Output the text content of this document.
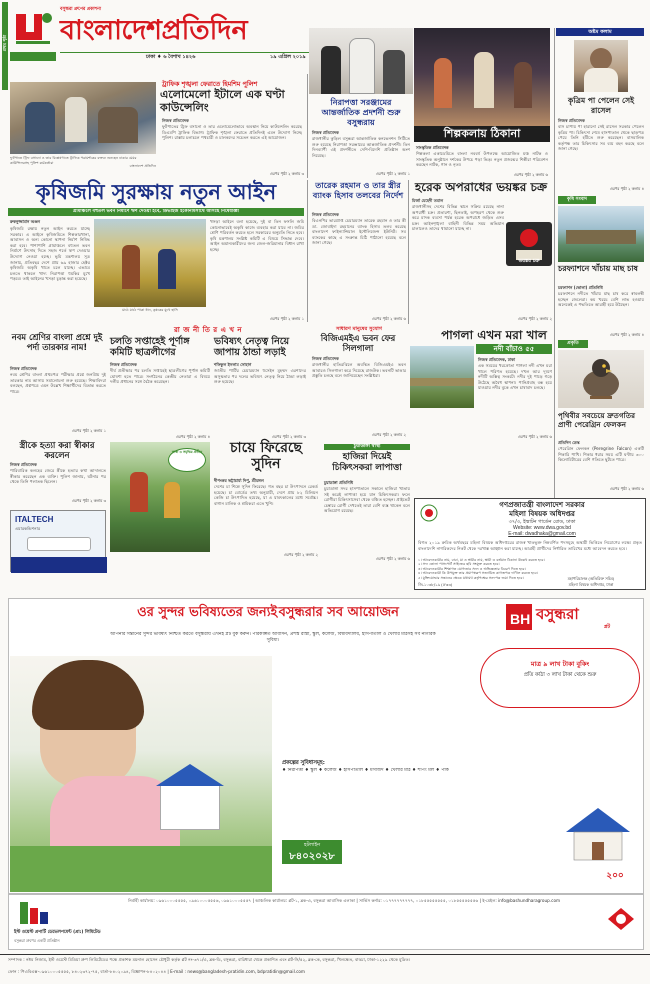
প্রথম পৃষ্ঠা
বসুন্ধরা গ্রুপের প্রকাশনা
বাংলাদেশপ্রতিদিন
ঢাকা ♦ ৬ বৈশাখ ১৪২৬	১৯ এপ্রিল ২০১৯
ফুটপাতে ট্রিফ বসানো ও তার বিশ্লেষণাতে ট্রাফিক পরামর্শকের বক্তব্য শুনছেন ঢাকার মেয়র কাউন্সিলরসহ পুলিশ কর্মকর্তারা
বাংলাদেশ প্রতিদিন
ট্রাফিক শৃঙ্খলা ফেরাতে হিমশিম পুলিশ
এলোমেলো ইটালে এক ঘণ্টা কাউন্সেলিং
নিজস্ব প্রতিবেদক
ফুটপাতের ট্রিফ বসানো ও তার এলোমেলোভাবে অবস্থান নিয়ে কাউন্সেলিং করেছে ডিএমপি ট্রাফিক বিভাগ। ট্রাফিক শৃঙ্খলা ফেরাতে প্রতিদিনই এমন উদ্যোগ নিচ্ছে পুলিশ। রাস্তায় চলাচলে পথচারী ও চালকদের সচেতন করতে এই আয়োজন।
এরপর পৃষ্ঠা ২ কলাম ৩
নিরাপত্তা সরঞ্জামের আন্তর্জাতিক প্রদর্শনী শুরু বসুন্ধরায়
নিজস্ব প্রতিবেদক
রাজধানীর কুড়িল বসুন্ধরা আন্তর্জাতিক কনভেনশন সিটিতে শুরু হয়েছে নিরাপত্তা সরঞ্জামের আন্তর্জাতিক প্রদর্শনী। তিন দিনব্যাপী এই প্রদর্শনীতে দেশি-বিদেশি প্রতিষ্ঠান অংশ নিয়েছে।
এরপর পৃষ্ঠা ২ কলাম ১
শিল্পকলায় ঠিকানা
সাংস্কৃতিক প্রতিবেদক
শিল্পকলা একাডেমিতে বাংলা নববর্ষ উপলক্ষে আয়োজিত মঞ্চ নাটক ও সাংস্কৃতিক অনুষ্ঠানে দর্শকের উপচে পড়া ভিড়। নতুন প্রজন্মের শিল্পীরা পরিবেশন করছেন নাটক, গান ও নৃত্য।
এরপর পৃষ্ঠা ২ কলাম ৬
অষ্টম কলাম
কৃত্রিম পা পেলেন সেই রাসেল
নিজস্ব প্রতিবেদক
বাস চাপায় পা হারানো সেই রাসেল সরকার পেলেন কৃত্রিম পা। চিকিৎসা শেষে হাসপাতাল থেকে ছাড়পত্র পেয়ে তিনি হাঁটতে শুরু করেছেন। বাসমালিক কর্তৃপক্ষ তার চিকিৎসার সব ব্যয় বহন করছে বলে জানা গেছে।
এরপর পৃষ্ঠা ২ কলাম ৪
কৃষি সংবাদ
চরফ্যাশনে খাঁচায় মাছ চাষ
চরফ্যাশন (ভোলা) প্রতিনিধি
চরফ্যাশনে নদীতে খাঁচায় মাছ চাষ করে স্বাবলম্বী হচ্ছেন জেলেরা। কম খরচে বেশি লাভ হওয়ায় অনেকেই এ পদ্ধতিতে আগ্রহী হয়ে উঠছেন।
এরপর পৃষ্ঠা ২ কলাম ৪
প্রকৃতি
পৃথিবীর সবচেয়ে দ্রুতগতির প্রাণী পেরেগ্রিন ফেলকন
প্রতিদিন ডেস্ক
পেরেগ্রিন ফেলকন (Peregrine Falcon) একটি শিকারি পাখি। শিকার ধরার সময় এটি ঘণ্টায় ৩০০ কিলোমিটারের বেশি গতিতে ছুটতে পারে।
এরপর পৃষ্ঠা ২ কলাম ৬
কৃষিজমি সুরক্ষায় নতুন আইন
গ্রামাঞ্চলে বহুতল ভবন নির্মাণে ঋণ দেওয়া হবে, ডিভাইজ ইকোনমিসাথে আসছে নিষেধাজ্ঞা
রুকনুজ্জামান অঞ্জন
কৃষিজমি রক্ষায় নতুন আইন করতে যাচ্ছে সরকার। এ আইনে কৃষিজমিতে শিল্পকারখানা, আবাসন ও অন্য কোনো স্থাপনা নির্মাণ নিষিদ্ধ করা হবে। পাশাপাশি গ্রামাঞ্চলে বহুতল ভবন নির্মাণে উৎসাহ দিতে সহজ শর্তে ঋণ দেওয়ার উদ্যোগ নেওয়া হচ্ছে। ভূমি মন্ত্রণালয় সূত্র জানায়, প্রতিবছর দেশে প্রায় ৬৯ হাজার হেক্টর কৃষিজমি অকৃষি খাতে চলে যাচ্ছে। এভাবে চলতে থাকলে খাদ্য নিরাপত্তা হুমকির মুখে পড়বে। তাই আইনের খসড়া চূড়ান্ত করা হয়েছে।
মাঠে মাঠে পাকা ধান, কৃষকের মুখে হাসি
খসড়া আইনে বলা হয়েছে, দুই বা তিন ফসলি জমি কোনোভাবেই অকৃষি কাজে ব্যবহার করা যাবে না। জমির শ্রেণি পরিবর্তন করতে হলে সরকারের অনুমতি নিতে হবে। কৃষি মন্ত্রণালয় সংশ্লিষ্ট কমিটি এ বিষয়ে সিদ্ধান্ত দেবে। আইন অমান্যকারীদের জন্য জেল-জরিমানার বিধান রাখা হচ্ছে।
এরপর পৃষ্ঠা ২ কলাম ১
তারেক রহমান ও তার স্ত্রীর ব্যাংক হিসাব তলবের নির্দেশ
নিজস্ব প্রতিবেদক
বিএনপির ভারপ্রাপ্ত চেয়ারম্যান তারেক রহমান ও তার স্ত্রী ডা. জোবাইদা রহমানের ব্যাংক হিসাব তলব করেছে বাংলাদেশ ফাইন্যান্সিয়াল ইন্টেলিজেন্স ইউনিট। সব ব্যাংকের কাছে এ সংক্রান্ত চিঠি পাঠানো হয়েছে বলে জানা গেছে।
এরপর পৃষ্ঠা ২ কলাম ৬
হরেক অপরাধের ভয়ঙ্কর চক্র
মির্জা মেহেদী তমাল
রাজধানীসহ দেশের বিভিন্ন স্থানে সক্রিয় রয়েছে নানা অপরাধী চক্র। প্রতারণা, ছিনতাই, অপহরণ থেকে শুরু করে মাদক ব্যবসা পর্যন্ত হরেক অপরাধে জড়িত এসব চক্র। আইনশৃঙ্খলা বাহিনী বিভিন্ন সময় অভিযান চালালেও তাদের থামানো যাচ্ছে না।
ভয়ঙ্কর চক্র
এরপর পৃষ্ঠা ২ কলাম ২
পাগলা এখন মরা খাল
নদী বাঁচাও ৫৫
নিজস্ব প্রতিবেদক, ঢাকা
এক সময়ের খরস্রোতা পাগলা নদী এখন মরা খালে পরিণত হয়েছে। দখল আর দূষণে নদীটি অস্তিত্ব সংকটে। নদীর দুই পাড়ে গড়ে উঠেছে অবৈধ স্থাপনা। পানিপ্রবাহ বন্ধ হয়ে যাওয়ায় নদীর বুকে এখন চাষাবাদ চলছে।
এরপর পৃষ্ঠা ২ কলাম ৬
সাধারণ মানুষের সুযোগ
বিজিএমইএ ভবন ফের সিলগালা
নিজস্ব প্রতিবেদক
রাজধানীর হাতিরঝিলে অবস্থিত বিজিএমইএ ভবন আবারও সিলগালা করে দিয়েছে রাজউক। ভবনটি ভাঙার প্রস্তুতি চলছে বলে জানিয়েছেন সংশ্লিষ্টরা।
এরপর পৃষ্ঠা ২ কলাম ২
রা জ নী তি র এ খ ন
চলতি সপ্তাহেই পূর্ণাঙ্গ কমিটি ছাত্রলীগের
নিজস্ব প্রতিবেদক
দীর্ঘ প্রতীক্ষার পর চলতি সপ্তাহেই ছাত্রলীগের পূর্ণাঙ্গ কমিটি ঘোষণা হতে পারে। সংগঠনের কেন্দ্রীয় নেতারা এ বিষয়ে দলীয় প্রধানের সঙ্গে বৈঠক করেছেন।
এরপর পৃষ্ঠা ২ কলাম ৪
ভবিষ্যৎ নেতৃত্ব নিয়ে জাপায় ঠান্ডা লড়াই
শফিকুল ইসলাম সোহাগ
জাতীয় পার্টির চেয়ারম্যান হুসেইন মুহম্মদ এরশাদের অসুস্থতার পর দলের ভবিষ্যৎ নেতৃত্ব নিয়ে ঠান্ডা লড়াই শুরু হয়েছে।
এরপর পৃষ্ঠা ২ কলাম ৩
নবম শ্রেণির বাংলা প্রশ্নে দুই পর্দা তারকার নাম!
নিজস্ব প্রতিবেদক
নবম শ্রেণির বাংলা প্রথমপত্র পরীক্ষার প্রশ্নে জনপ্রিয় দুই তারকার নাম আসায় সমালোচনা শুরু হয়েছে। শিক্ষাবিদরা বলছেন, প্রশ্নপত্রে এমন উল্লেখ শিক্ষার্থীদের বিভ্রান্ত করতে পারে।
এরপর পৃষ্ঠা ২ কলাম ১
স্ত্রীকে হত্যা করা স্বীকার করলেন
নিজস্ব প্রতিবেদক
পারিবারিক কলহের জেরে স্ত্রীকে হত্যার কথা আদালতে স্বীকার করেছেন এক ব্যক্তি। পুলিশ জানায়, ঘটনার পর থেকে তিনি পলাতক ছিলেন।
এরপর পৃষ্ঠা ২ কলাম ৩
ITALTECH
এয়ারকন্ডিশনার
স্বাস্থ্য ও সমৃদ্ধির প্রতীক	চায়ে ফিরেছে সুদিন
দীপংকর ভট্টাচার্য্য দিপু, শ্রীমঙ্গল
দেশের চা শিল্পে সুদিন ফিরেছে। গত বছর চা উৎপাদনে রেকর্ড হয়েছে। চা বোর্ডের তথ্য অনুযায়ী, দেশে প্রায় ৮২ মিলিয়ন কেজি চা উৎপাদিত হয়েছে, যা এ যাবৎকালের মধ্যে সর্বোচ্চ। বাগান মালিক ও শ্রমিকরা এতে খুশি।
এরপর পৃষ্ঠা ২ কলাম ২
চুয়াডাঙ্গা স্বাস্থ্য
হাজিরা দিয়েই চিকিৎসকরা লাপাত্তা
চুয়াডাঙ্গা প্রতিনিধি
চুয়াডাঙ্গা সদর হাসপাতালে সকালে হাজিরা খাতায় সই করেই লাপাত্তা হয়ে যান চিকিৎসকরা। ফলে রোগীরা চিকিৎসাসেবা থেকে বঞ্চিত হচ্ছেন। প্রাইভেট চেম্বারে রোগী দেখতেই তারা বেশি ব্যস্ত থাকেন বলে অভিযোগ রয়েছে।
এরপর পৃষ্ঠা ২ কলাম ৬
গণপ্রজাতন্ত্রী বাংলাদেশ সরকার
মহিলা বিষয়ক অধিদপ্তর
৩৭/৩, ইস্কাটন গার্ডেন রোড, ঢাকা
Website: www.dwa.gov.bd
E-mail: dwadhaka@gmail.com
বিগত ২০১৯ ক্রমিক অর্থবছরে মহিলা বিষয়ক অধিদপ্তরের রাজস্ব খাতভুক্ত নিম্নবর্ণিত পদসমূহে অস্থায়ী ভিত্তিতে নিয়োগের লক্ষ্যে প্রকৃত বাংলাদেশি নাগরিকদের নিকট থেকে দরখাস্ত আহ্বান করা যাচ্ছে। আগ্রহী প্রার্থীদের নির্ধারিত তারিখের মধ্যে আবেদন করতে হবে।
১। আবেদনকারীর নাম, বাবা, মা ও স্বামীর নাম, স্থায়ী ও বর্তমান ঠিকানা উল্লেখ করতে হবে।
২। সদ্য তোলা পাসপোর্ট সাইজের ছবি সংযুক্ত করতে হবে।
৩। আবেদনকারীর শিক্ষাগত যোগ্যতার সনদ ও অভিজ্ঞতার বিবরণ দিতে হবে।
৪। আবেদনকারী কি উপযুক্ত তার প্রমাণস্বরূপ সত্যায়িত কাগজপত্র দাখিল করতে হবে।
৫। মুক্তিযোদ্ধার সন্তানের ক্ষেত্রে যথাযথ কর্তৃপক্ষের সনদপত্র জমা দিতে হবে।
জি-১০৩৮/১৯ (৫'x৩)
মহাপরিচালক (অতিরিক্ত সচিব)
মহিলা বিষয়ক অধিদপ্তর, ঢাকা
ওর সুন্দর ভবিষ্যতের জন্যই বসুন্ধরার সব আয়োজন	BH বসুন্ধরা
প্লট
আপনার সন্তানের সুন্দর ভবিষ্যৎ নিশ্চিত করতে বসুন্ধরায় এখনই প্লট বুক করুন। পরিকল্পিত আবাসন, প্রশস্ত রাস্তা, স্কুল, কলেজ, বিশ্ববিদ্যালয়, হাসপাতাল ও খেলার মাঠসহ সব নাগরিক সুবিধা।
মাত্র ৯ লাখ টাকা বুকিং
প্রতি কাঠা ৩ লাখ টাকা থেকে শুরু
প্রকল্পের সুবিধাসমূহ:
♦ নিরাপত্তা ♦ স্কুল ♦ কলেজ ♦ হাসপাতাল ♦ মসজিদ ♦ খেলার মাঠ ♦ শপিং মল ♦ পার্ক
হটলাইন
৮৪০২০২৮
২০০
ইস্ট ওয়েস্ট প্রপার্টি ডেভেলপমেন্ট (প্রা:) লিমিটেড
বসুন্ধরা গ্রুপের একটি প্রতিষ্ঠান
নির্বাহী কার্যালয়: ০৯৬১০০০৫৫৫৫, ০৯৬১০০০৫৫৫৬, ০৯৬১০০০৫৫৫৭ | আঞ্চলিক কার্যালয়: প্লট-১, ব্লক-এ, বসুন্ধরা আবাসিক এলাকা | সার্ভিস কর্নার: ০১৭৭৭৭৭৭৭৭৭, ০১৮৫৫৫৫৫৫৫৫, ০১৮৫৫৫৫৫৫৫৬ | ই-মেইল: info@bashundharagroup.com
সম্পাদক : নঈম নিজাম, ইস্ট ওয়েস্ট মিডিয়া গ্রুপ লিমিটেডের পক্ষে প্রকাশক ময়নাল হোসেন চৌধুরী কর্তৃক প্লট নং-৩৭১/এ, ব্লক-ডি, বসুন্ধরা, বারিধারা থেকে প্রকাশিত এবং প্লট-সি/৫২, ব্লক-কে, বসুন্ধরা, খিলক্ষেত, বাড্ডা, ঢাকা-১২২৯ থেকে মুদ্রিত।
ফোন : পিএবিএক্স-০৯৬১০০০৫৫৫৫, ৮৪০২৩৭২-৭৫, বার্তা-৮৪০২০৯৪, বিজ্ঞাপন-৮৪০২০৪৪ | E-mail : news@bangladesh-pratidin.com, bdpratidin@gmail.com
